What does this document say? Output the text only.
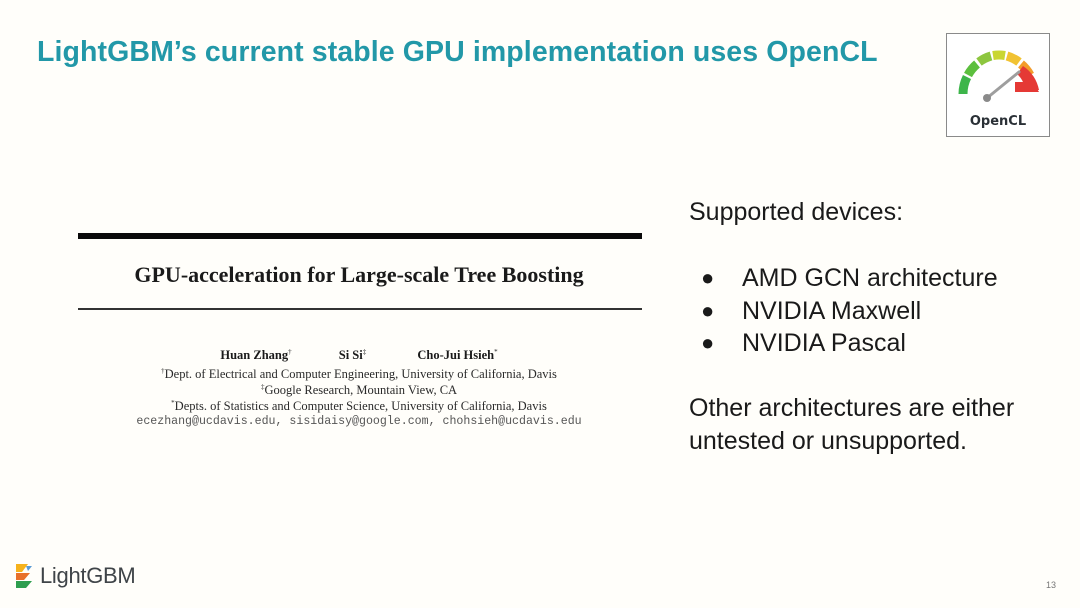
LightGBM’s current stable GPU implementation uses OpenCL
OpenCL
GPU-acceleration for Large-scale Tree Boosting
Huan Zhang†	Si Si‡	Cho-Jui Hsieh*
†Dept. of Electrical and Computer Engineering, University of California, Davis
‡Google Research, Mountain View, CA
*Depts. of Statistics and Computer Science, University of California, Davis
ecezhang@ucdavis.edu, sisidaisy@google.com, chohsieh@ucdavis.edu
Supported devices:
● AMD GCN architecture
● NVIDIA Maxwell
● NVIDIA Pascal
Other architectures are either untested or unsupported.
LightGBM	13
